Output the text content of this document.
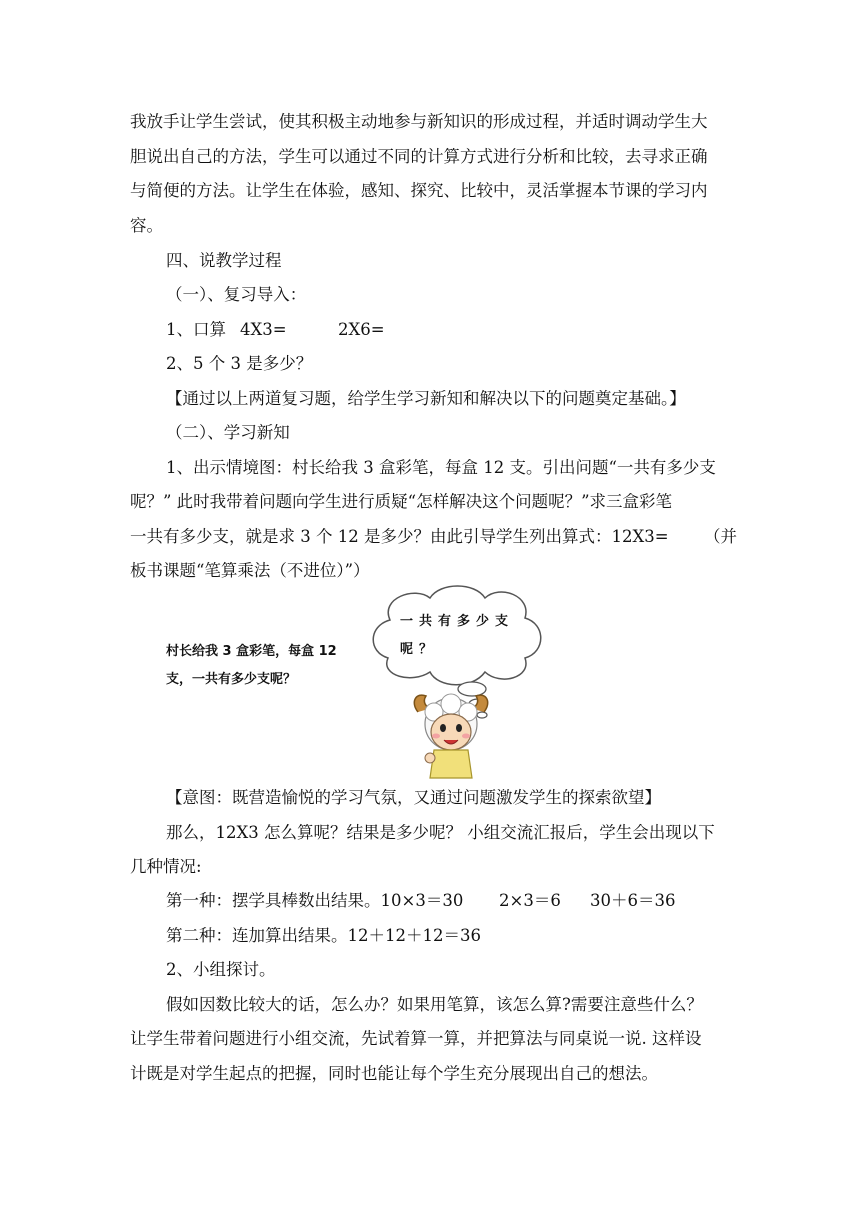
我放手让学生尝试，使其积极主动地参与新知识的形成过程，并适时调动学生大
胆说出自己的方法，学生可以通过不同的计算方式进行分析和比较，去寻求正确
与简便的方法。让学生在体验，感知、探究、比较中，灵活掌握本节课的学习内
容。
四、说教学过程
（一）、复习导入：
1、口算 4X3=	2X6=
2、5 个 3 是多少？
【通过以上两道复习题，给学生学习新知和解决以下的问题奠定基础。】
（二）、学习新知
1、出示情境图：村长给我 3 盒彩笔，每盒 12 支。引出问题“一共有多少支
呢？” 此时我带着问题向学生进行质疑“怎样解决这个问题呢？”求三盒彩笔
一共有多少支，就是求 3 个 12 是多少？由此引导学生列出算式：12X3= （并
板书课题“笔算乘法（不进位）”）
村长给我 3 盒彩笔，每盒 12
支，一共有多少支呢？
一共有多少支
呢？
【意图：既营造愉悦的学习气氛，又通过问题激发学生的探索欲望】
那么，12X3 怎么算呢？结果是多少呢？ 小组交流汇报后，学生会出现以下
几种情况:
第一种：摆学具棒数出结果。10×3＝30 2×3＝6 30＋6＝36
第二种：连加算出结果。12＋12＋12＝36
2、小组探讨。
假如因数比较大的话，怎么办？如果用笔算，该怎么算?需要注意些什么？
让学生带着问题进行小组交流，先试着算一算，并把算法与同桌说一说. 这样设
计既是对学生起点的把握，同时也能让每个学生充分展现出自己的想法。
